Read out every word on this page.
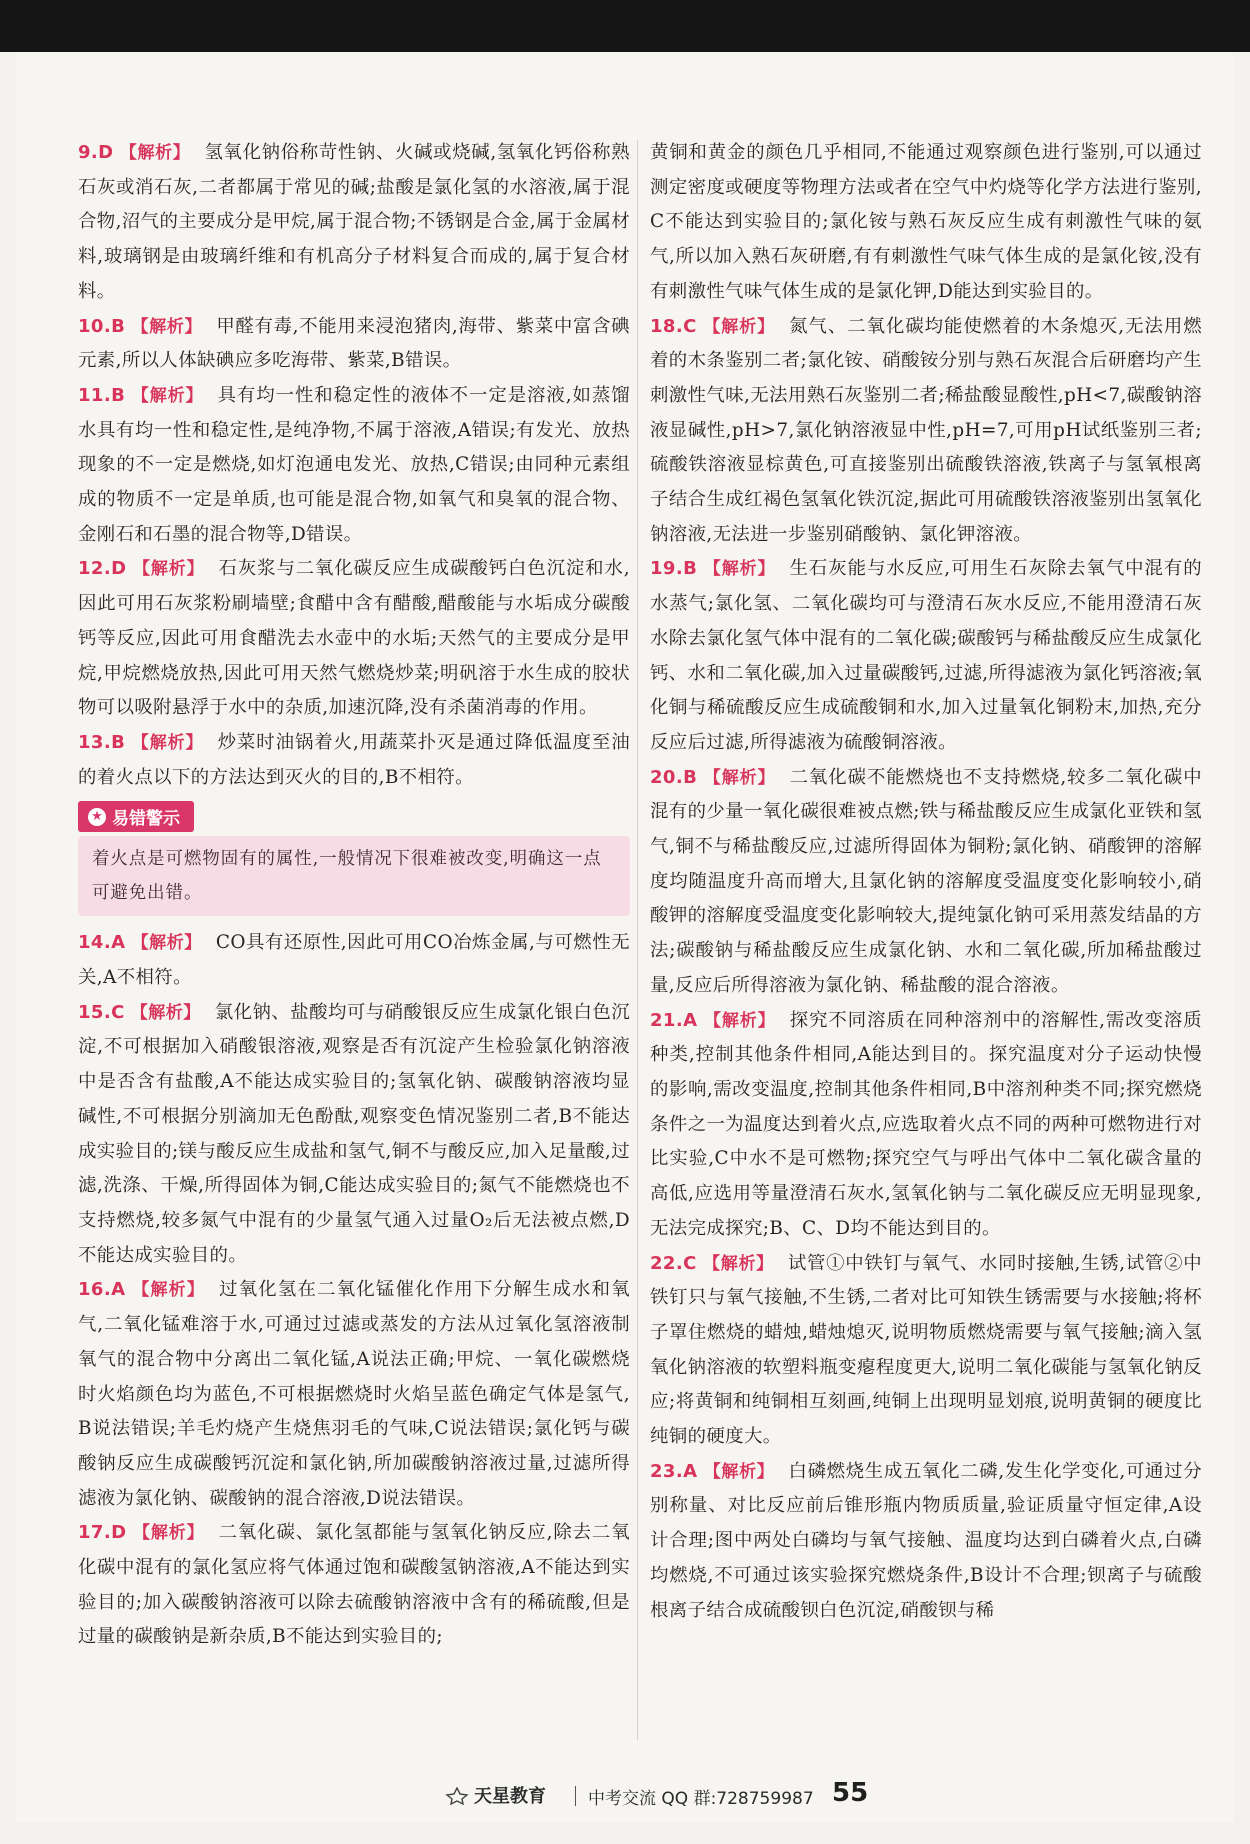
9.D 【解析】 氢氧化钠俗称苛性钠、火碱或烧碱,氢氧化钙俗称熟石灰或消石灰,二者都属于常见的碱;盐酸是氯化氢的水溶液,属于混合物,沼气的主要成分是甲烷,属于混合物;不锈钢是合金,属于金属材料,玻璃钢是由玻璃纤维和有机高分子材料复合而成的,属于复合材料。

10.B 【解析】 甲醛有毒,不能用来浸泡猪肉,海带、紫菜中富含碘元素,所以人体缺碘应多吃海带、紫菜,B错误。

11.B 【解析】 具有均一性和稳定性的液体不一定是溶液,如蒸馏水具有均一性和稳定性,是纯净物,不属于溶液,A错误;有发光、放热现象的不一定是燃烧,如灯泡通电发光、放热,C错误;由同种元素组成的物质不一定是单质,也可能是混合物,如氧气和臭氧的混合物、金刚石和石墨的混合物等,D错误。

12.D 【解析】 石灰浆与二氧化碳反应生成碳酸钙白色沉淀和水,因此可用石灰浆粉刷墙壁;食醋中含有醋酸,醋酸能与水垢成分碳酸钙等反应,因此可用食醋洗去水壶中的水垢;天然气的主要成分是甲烷,甲烷燃烧放热,因此可用天然气燃烧炒菜;明矾溶于水生成的胶状物可以吸附悬浮于水中的杂质,加速沉降,没有杀菌消毒的作用。

13.B 【解析】 炒菜时油锅着火,用蔬菜扑灭是通过降低温度至油的着火点以下的方法达到灭火的目的,B不相符。

★ 易错警示
着火点是可燃物固有的属性,一般情况下很难被改变,明确这一点可避免出错。

14.A 【解析】 CO具有还原性,因此可用CO冶炼金属,与可燃性无关,A不相符。

15.C 【解析】 氯化钠、盐酸均可与硝酸银反应生成氯化银白色沉淀,不可根据加入硝酸银溶液,观察是否有沉淀产生检验氯化钠溶液中是否含有盐酸,A不能达成实验目的;氢氧化钠、碳酸钠溶液均显碱性,不可根据分别滴加无色酚酞,观察变色情况鉴别二者,B不能达成实验目的;镁与酸反应生成盐和氢气,铜不与酸反应,加入足量酸,过滤,洗涤、干燥,所得固体为铜,C能达成实验目的;氮气不能燃烧也不支持燃烧,较多氮气中混有的少量氢气通入过量O₂后无法被点燃,D不能达成实验目的。

16.A 【解析】 过氧化氢在二氧化锰催化作用下分解生成水和氧气,二氧化锰难溶于水,可通过过滤或蒸发的方法从过氧化氢溶液制氧气的混合物中分离出二氧化锰,A说法正确;甲烷、一氧化碳燃烧时火焰颜色均为蓝色,不可根据燃烧时火焰呈蓝色确定气体是氢气,B说法错误;羊毛灼烧产生烧焦羽毛的气味,C说法错误;氯化钙与碳酸钠反应生成碳酸钙沉淀和氯化钠,所加碳酸钠溶液过量,过滤所得滤液为氯化钠、碳酸钠的混合溶液,D说法错误。

17.D 【解析】 二氧化碳、氯化氢都能与氢氧化钠反应,除去二氧化碳中混有的氯化氢应将气体通过饱和碳酸氢钠溶液,A不能达到实验目的;加入碳酸钠溶液可以除去硫酸钠溶液中含有的稀硫酸,但是过量的碳酸钠是新杂质,B不能达到实验目的;

黄铜和黄金的颜色几乎相同,不能通过观察颜色进行鉴别,可以通过测定密度或硬度等物理方法或者在空气中灼烧等化学方法进行鉴别,C不能达到实验目的;氯化铵与熟石灰反应生成有刺激性气味的氨气,所以加入熟石灰研磨,有有刺激性气味气体生成的是氯化铵,没有有刺激性气味气体生成的是氯化钾,D能达到实验目的。

18.C 【解析】 氮气、二氧化碳均能使燃着的木条熄灭,无法用燃着的木条鉴别二者;氯化铵、硝酸铵分别与熟石灰混合后研磨均产生刺激性气味,无法用熟石灰鉴别二者;稀盐酸显酸性,pH<7,碳酸钠溶液显碱性,pH>7,氯化钠溶液显中性,pH=7,可用pH试纸鉴别三者;硫酸铁溶液显棕黄色,可直接鉴别出硫酸铁溶液,铁离子与氢氧根离子结合生成红褐色氢氧化铁沉淀,据此可用硫酸铁溶液鉴别出氢氧化钠溶液,无法进一步鉴别硝酸钠、氯化钾溶液。

19.B 【解析】 生石灰能与水反应,可用生石灰除去氧气中混有的水蒸气;氯化氢、二氧化碳均可与澄清石灰水反应,不能用澄清石灰水除去氯化氢气体中混有的二氧化碳;碳酸钙与稀盐酸反应生成氯化钙、水和二氧化碳,加入过量碳酸钙,过滤,所得滤液为氯化钙溶液;氧化铜与稀硫酸反应生成硫酸铜和水,加入过量氧化铜粉末,加热,充分反应后过滤,所得滤液为硫酸铜溶液。

20.B 【解析】 二氧化碳不能燃烧也不支持燃烧,较多二氧化碳中混有的少量一氧化碳很难被点燃;铁与稀盐酸反应生成氯化亚铁和氢气,铜不与稀盐酸反应,过滤所得固体为铜粉;氯化钠、硝酸钾的溶解度均随温度升高而增大,且氯化钠的溶解度受温度变化影响较小,硝酸钾的溶解度受温度变化影响较大,提纯氯化钠可采用蒸发结晶的方法;碳酸钠与稀盐酸反应生成氯化钠、水和二氧化碳,所加稀盐酸过量,反应后所得溶液为氯化钠、稀盐酸的混合溶液。

21.A 【解析】 探究不同溶质在同种溶剂中的溶解性,需改变溶质种类,控制其他条件相同,A能达到目的。探究温度对分子运动快慢的影响,需改变温度,控制其他条件相同,B中溶剂种类不同;探究燃烧条件之一为温度达到着火点,应选取着火点不同的两种可燃物进行对比实验,C中水不是可燃物;探究空气与呼出气体中二氧化碳含量的高低,应选用等量澄清石灰水,氢氧化钠与二氧化碳反应无明显现象,无法完成探究;B、C、D均不能达到目的。

22.C 【解析】 试管①中铁钉与氧气、水同时接触,生锈,试管②中铁钉只与氧气接触,不生锈,二者对比可知铁生锈需要与水接触;将杯子罩住燃烧的蜡烛,蜡烛熄灭,说明物质燃烧需要与氧气接触;滴入氢氧化钠溶液的软塑料瓶变瘪程度更大,说明二氧化碳能与氢氧化钠反应;将黄铜和纯铜相互刻画,纯铜上出现明显划痕,说明黄铜的硬度比纯铜的硬度大。

23.A 【解析】 白磷燃烧生成五氧化二磷,发生化学变化,可通过分别称量、对比反应前后锥形瓶内物质质量,验证质量守恒定律,A设计合理;图中两处白磷均与氧气接触、温度均达到白磷着火点,白磷均燃烧,不可通过该实验探究燃烧条件,B设计不合理;钡离子与硫酸根离子结合成硫酸钡白色沉淀,硝酸钡与稀

天星教育 中考交流 QQ 群:728759987 55
